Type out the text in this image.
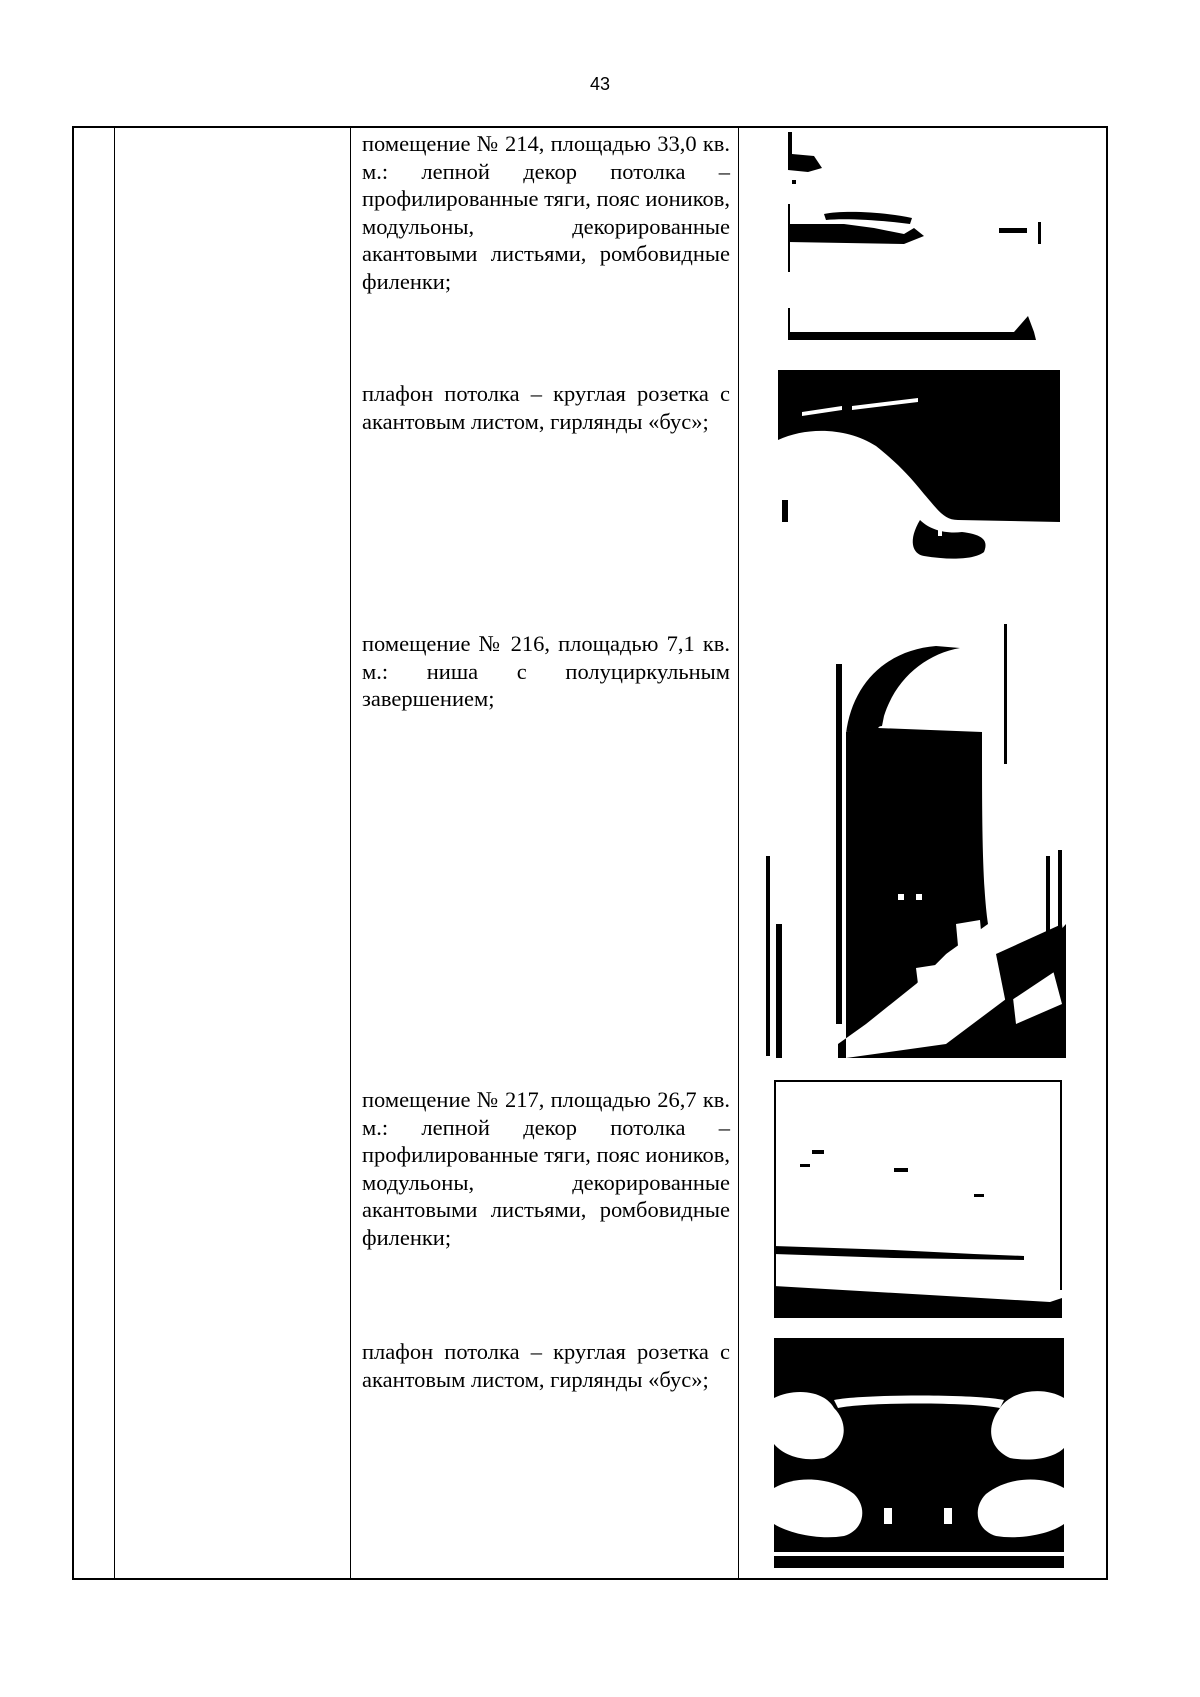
43
помещение № 214, площадью 33,0 кв. м.: лепной декор потолка – профилированные тяги, пояс иоников, модульоны, декорированные акантовыми листьями, ромбовидные филенки;
плафон потолка – круглая розетка с акантовым листом, гирлянды «бус»;
помещение № 216, площадью 7,1 кв. м.: ниша с полуциркульным завершением;
помещение № 217, площадью 26,7 кв. м.: лепной декор потолка – профилированные тяги, пояс иоников, модульоны, декорированные акантовыми листьями, ромбовидные филенки;
плафон потолка – круглая розетка с акантовым листом, гирлянды «бус»;
